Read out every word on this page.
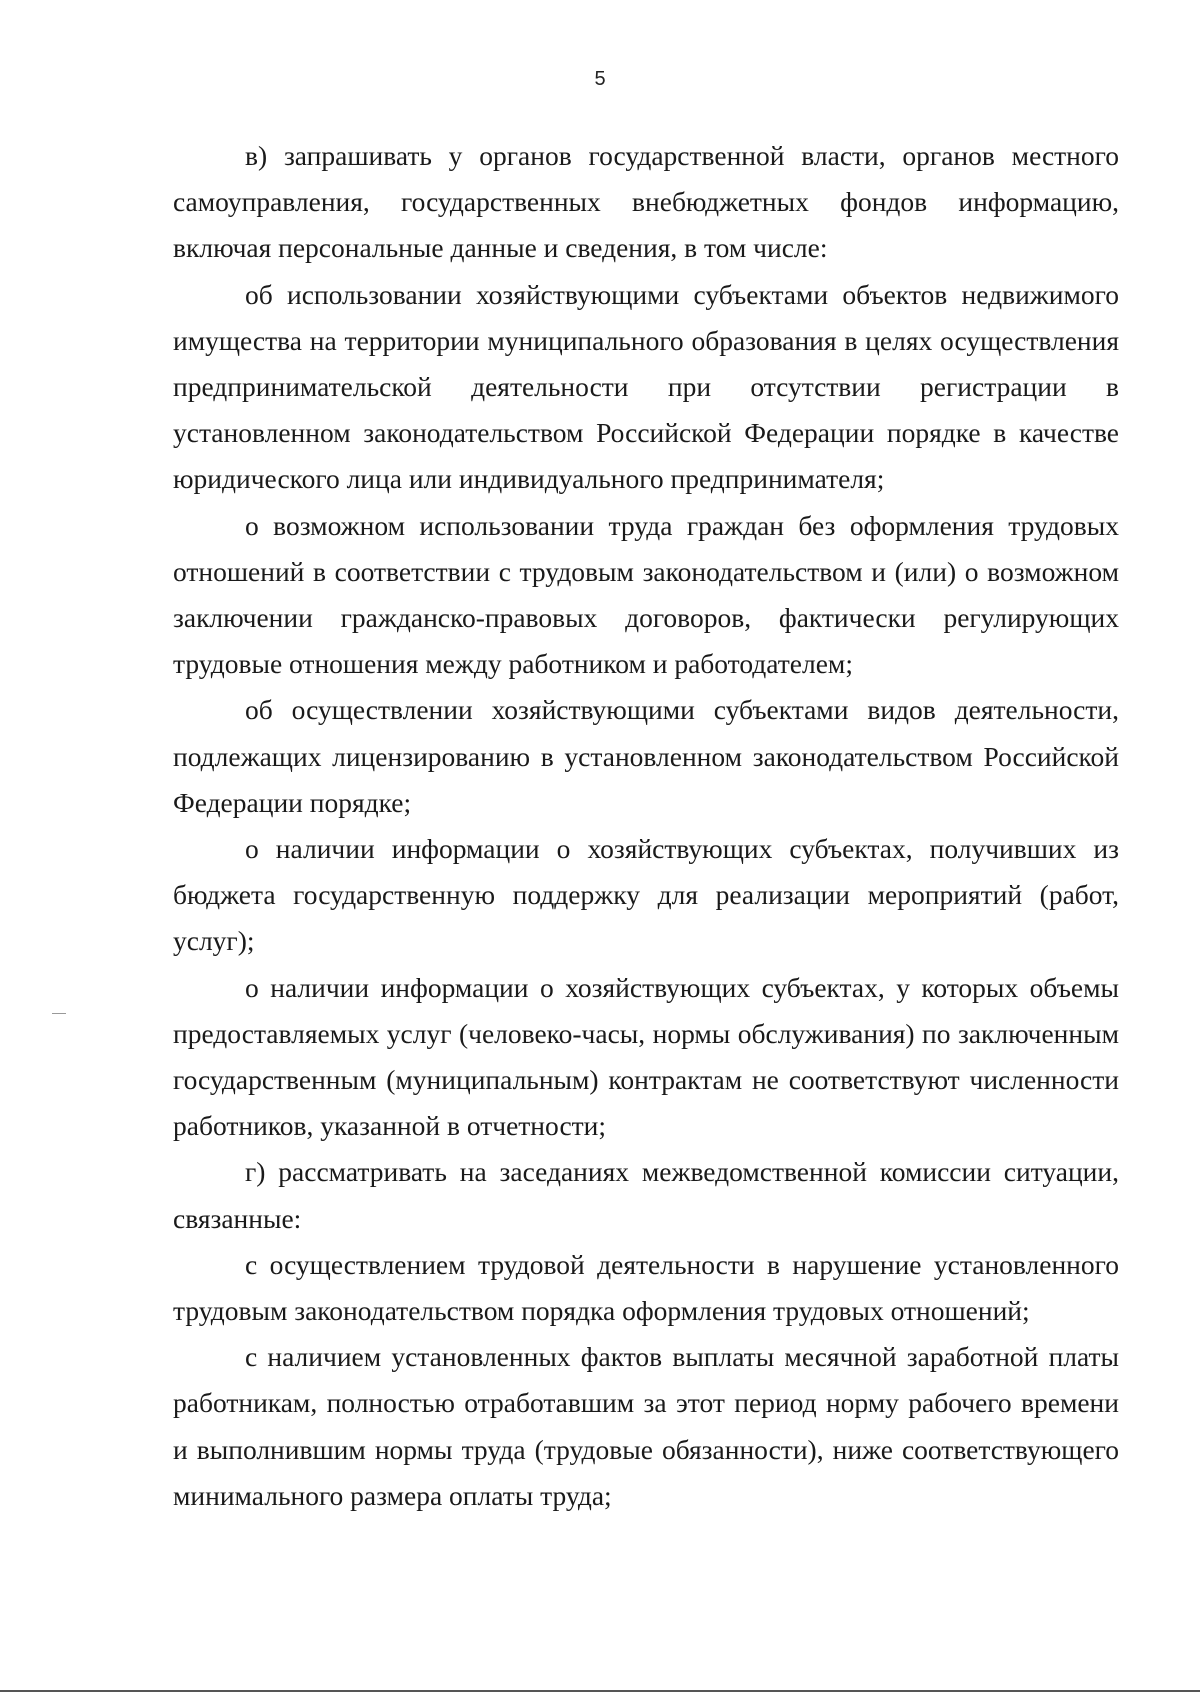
5

в) запрашивать у органов государственной власти, органов местного самоуправления, государственных внебюджетных фондов информацию, включая персональные данные и сведения, в том числе:

об использовании хозяйствующими субъектами объектов недвижимого имущества на территории муниципального образования в целях осуществления предпринимательской деятельности при отсутствии регистрации в установленном законодательством Российской Федерации порядке в качестве юридического лица или индивидуального предпринимателя;

о возможном использовании труда граждан без оформления трудовых отношений в соответствии с трудовым законодательством и (или) о возможном заключении гражданско-правовых договоров, фактически регулирующих трудовые отношения между работником и работодателем;

об осуществлении хозяйствующими субъектами видов деятельности, подлежащих лицензированию в установленном законодательством Российской Федерации порядке;

о наличии информации о хозяйствующих субъектах, получивших из бюджета государственную поддержку для реализации мероприятий (работ, услуг);

о наличии информации о хозяйствующих субъектах, у которых объемы предоставляемых услуг (человеко-часы, нормы обслуживания) по заключенным государственным (муниципальным) контрактам не соответствуют численности работников, указанной в отчетности;

г) рассматривать на заседаниях межведомственной комиссии ситуации, связанные:

с осуществлением трудовой деятельности в нарушение установленного трудовым законодательством порядка оформления трудовых отношений;

с наличием установленных фактов выплаты месячной заработной платы работникам, полностью отработавшим за этот период норму рабочего времени и выполнившим нормы труда (трудовые обязанности), ниже соответствующего минимального размера оплаты труда;
